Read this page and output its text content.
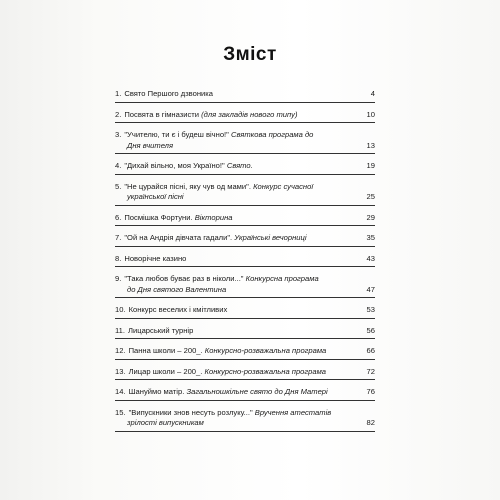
Зміст
1. Свято Першого дзвоника	4
2. Посвята в гімназисти (для закладів нового типу)	10
3. "Учителю, ти є i будеш вічно!" Святкова програма до
Дня вчителя	13
4. "Дихай вільно, моя Україно!" Свято.	19
5. "Не цурайся пісні, яку чув од мами". Конкурс сучасної
української пісні	25
6. Посмішка Фортуни. Вікторина	29
7. "Ой на Андрія дівчата гадали". Українські вечорниці	35
8. Новорічне казино	43
9. "Така любов буває раз в ніколи..." Конкурсна програма
до Дня святого Валентина	47
10. Конкурс веселих і кмітливих	53
11. Лицарський турнір	56
12. Панна школи – 200_. Конкурсно-розважальна програма	66
13. Лицар школи – 200_. Конкурсно-розважальна програма	72
14. Шануймо матір. Загальношкільне свято до Дня Матері	76
15. "Випускники знов несуть розлуку..." Вручення атестатів
зрілості випускникам	82
